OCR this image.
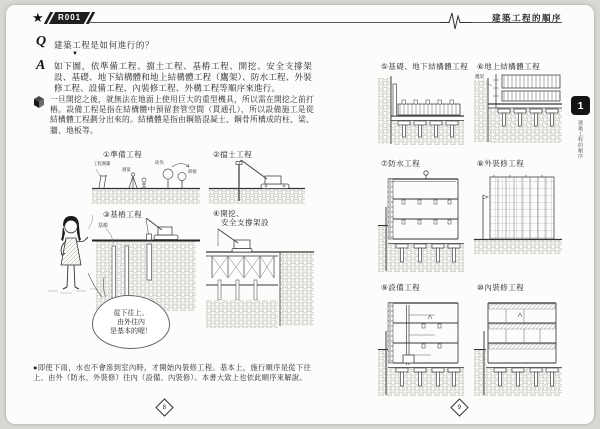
★ R001	建築工程的順序
1
建築工程的順序
Q 建築工程是如何進行的？
▼
A 如下圖，依準備工程、擋土工程、基樁工程、開挖、安全支撐架設、基礎、地下結構體和地上結構體工程（鷹架）、防水工程、外裝修工程、設備工程、內裝修工程、外構工程等順序來進行。
一旦開挖之後，就無法在地面上使用巨大的重型機具，所以需在開挖之前打樁。設備工程是指在結構體中預留套管空間（貫通孔），所以設備施工是從結構體工程劃分出來的。結構體是指由鋼筋混凝土、鋼骨所構成的柱、梁、牆、地板等。
①準備工程	②擋土工程
③基樁工程	④開挖、
安全支撐架設
工程圍籬
測量
砍伐
移植
基樁
從下往上、
由外往內
是基本的喔！
●即使下雨，水也不會滲到室內時，才開始內裝修工程。基本上，施行順序是從下往上、由外（防水、外裝修）往內（設備、內裝修）。本書大致上也依此順序來解說。
8	9
⑤基礎、地下結構體工程 ⑥地上結構體工程
⑦防水工程	⑧外裝修工程
⑨設備工程	⑩內裝修工程
鷹架
